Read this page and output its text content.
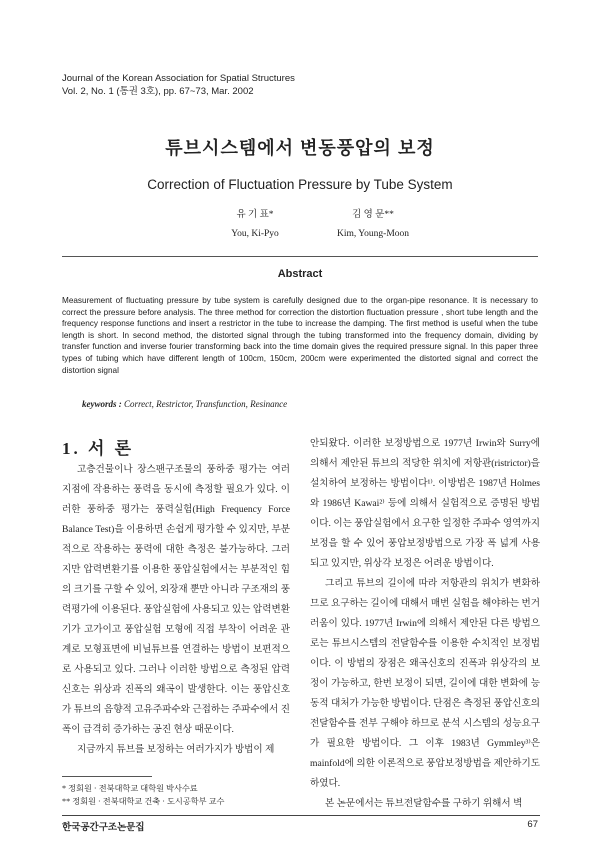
Journal of the Korean Association for Spatial Structures
Vol. 2, No. 1 (통권 3호), pp. 67~73, Mar. 2002
튜브시스템에서 변동풍압의 보정
Correction of Fluctuation Pressure by Tube System
유 기 표*
You, Ki-Pyo
김 영 문**
Kim, Young-Moon
Abstract
Measurement of fluctuating pressure by tube system is carefully designed due to the organ-pipe resonance. It is necessary to correct the pressure before analysis. The three method for correction the distortion fluctuation pressure , short tube length and the frequency response functions and insert a restrictor in the tube to increase the damping. The first method is useful when the tube length is short. In second method, the distorted signal through the tubing transformed into the frequency domain, dividing by transfer function and inverse fourier transforming back into the time domain gives the required pressure signal. In this paper three types of tubing which have different length of 100cm, 150cm, 200cm were experimented the distorted signal and correct the distortion signal
keywords : Correct, Restrictor, Transfunction, Resinance
1. 서 론

고층건물이나 장스팬구조물의 풍하중 평가는 여러 지점에 작용하는 풍력을 동시에 측정할 필요가 있다. 이러한 풍하중 평가는 풍력실험(High Frequency Force Balance Test)을 이용하면 손쉽게 평가할 수 있지만, 부분적으로 작용하는 풍력에 대한 측정은 불가능하다. 그러지만 압력변환기를 이용한 풍압실험에서는 부분적인 힘의 크기를 구할 수 있어, 외장재 뿐만 아니라 구조재의 풍력평가에 이용된다. 풍압실험에 사용되고 있는 압력변환기가 고가이고 풍압실험 모형에 직접 부착이 어려운 관계로 모형표면에 비닐튜브를 연결하는 방법이 보편적으로 사용되고 있다. 그러나 이러한 방법으로 측정된 압력신호는 위상과 진폭의 왜곡이 발생한다. 이는 풍압신호가 튜브의 음향적 고유주파수와 근접하는 주파수에서 진폭이 급격히 증가하는 공진 현상 때문이다.

지금까지 튜브를 보정하는 여러가지가 방법이 제

안되왔다. 이러한 보정방법으로 1977년 Irwin와 Surry에 의해서 제안된 튜브의 적당한 위치에 저항관(ristrictor)을 설치하여 보정하는 방법이다¹⁾. 이방법은 1987년 Holmes와 1986년 Kawai²⁾ 등에 의해서 실험적으로 증명된 방법이다. 이는 풍압실험에서 요구한 일정한 주파수 영역까지 보정을 할 수 있어 풍압보정방법으로 가장 폭 넓게 사용되고 있지만, 위상각 보정은 어려운 방법이다.

그리고 튜브의 길이에 따라 저항관의 위치가 변화하므로 요구하는 길이에 대해서 매번 실험을 해야하는 번거러움이 있다. 1977년 Irwin에 의해서 제안된 다른 방법으로는 튜브시스템의 전달함수를 이용한 수치적인 보정법이다. 이 방법의 장점은 왜곡신호의 진폭과 위상각의 보정이 가능하고, 한번 보정이 되면, 길이에 대한 변화에 능동적 대처가 가능한 방법이다. 단점은 측정된 풍압신호의 전달함수를 전부 구해야 하므로 분석 시스템의 성능요구가 필요한 방법이다. 그 이후 1983년 Gymmley³⁾은 mainfold에 의한 이론적으로 풍압보정방법을 제안하기도 하였다.

본 논문에서는 튜브전달함수를 구하기 위해서 벽

* 정회원 · 전북대학교 대학원 박사수료
** 정회원 · 전북대학교 건축 · 도시공학부 교수
한국공간구조논문집	67
